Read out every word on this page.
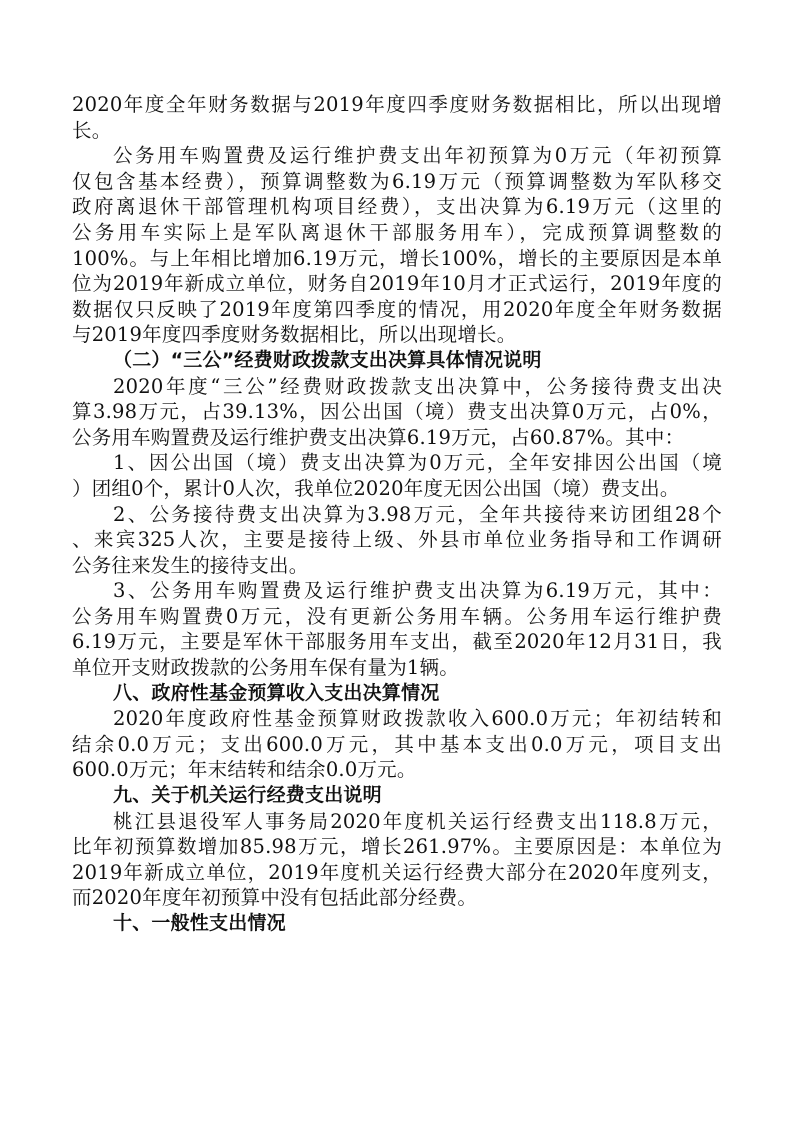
2020年度全年财务数据与2019年度四季度财务数据相比，所以出现增
长。
公务用车购置费及运行维护费支出年初预算为0万元（年初预算
仅包含基本经费），预算调整数为6.19万元（预算调整数为军队移交
政府离退休干部管理机构项目经费），支出决算为6.19万元（这里的
公务用车实际上是军队离退休干部服务用车），完成预算调整数的
100%。与上年相比增加6.19万元，增长100%，增长的主要原因是本单
位为2019年新成立单位，财务自2019年10月才正式运行，2019年度的
数据仅只反映了2019年度第四季度的情况，用2020年度全年财务数据
与2019年度四季度财务数据相比，所以出现增长。
（二）“三公”经费财政拨款支出决算具体情况说明
2020年度“三公”经费财政拨款支出决算中，公务接待费支出决
算3.98万元，占39.13%，因公出国（境）费支出决算0万元，占0%，
公务用车购置费及运行维护费支出决算6.19万元，占60.87%。其中：
1、因公出国（境）费支出决算为0万元，全年安排因公出国（境
）团组0个，累计0人次，我单位2020年度无因公出国（境）费支出。
2、公务接待费支出决算为3.98万元，全年共接待来访团组28个
、来宾325人次，主要是接待上级、外县市单位业务指导和工作调研
公务往来发生的接待支出。
3、公务用车购置费及运行维护费支出决算为6.19万元，其中：
公务用车购置费0万元，没有更新公务用车辆。公务用车运行维护费
6.19万元，主要是军休干部服务用车支出，截至2020年12月31日，我
单位开支财政拨款的公务用车保有量为1辆。
八、政府性基金预算收入支出决算情况
2020年度政府性基金预算财政拨款收入600.0万元；年初结转和
结余0.0万元；支出600.0万元，其中基本支出0.0万元，项目支出
600.0万元；年末结转和结余0.0万元。
九、关于机关运行经费支出说明
桃江县退役军人事务局2020年度机关运行经费支出118.8万元，
比年初预算数增加85.98万元，增长261.97%。主要原因是：本单位为
2019年新成立单位，2019年度机关运行经费大部分在2020年度列支，
而2020年度年初预算中没有包括此部分经费。
十、一般性支出情况
